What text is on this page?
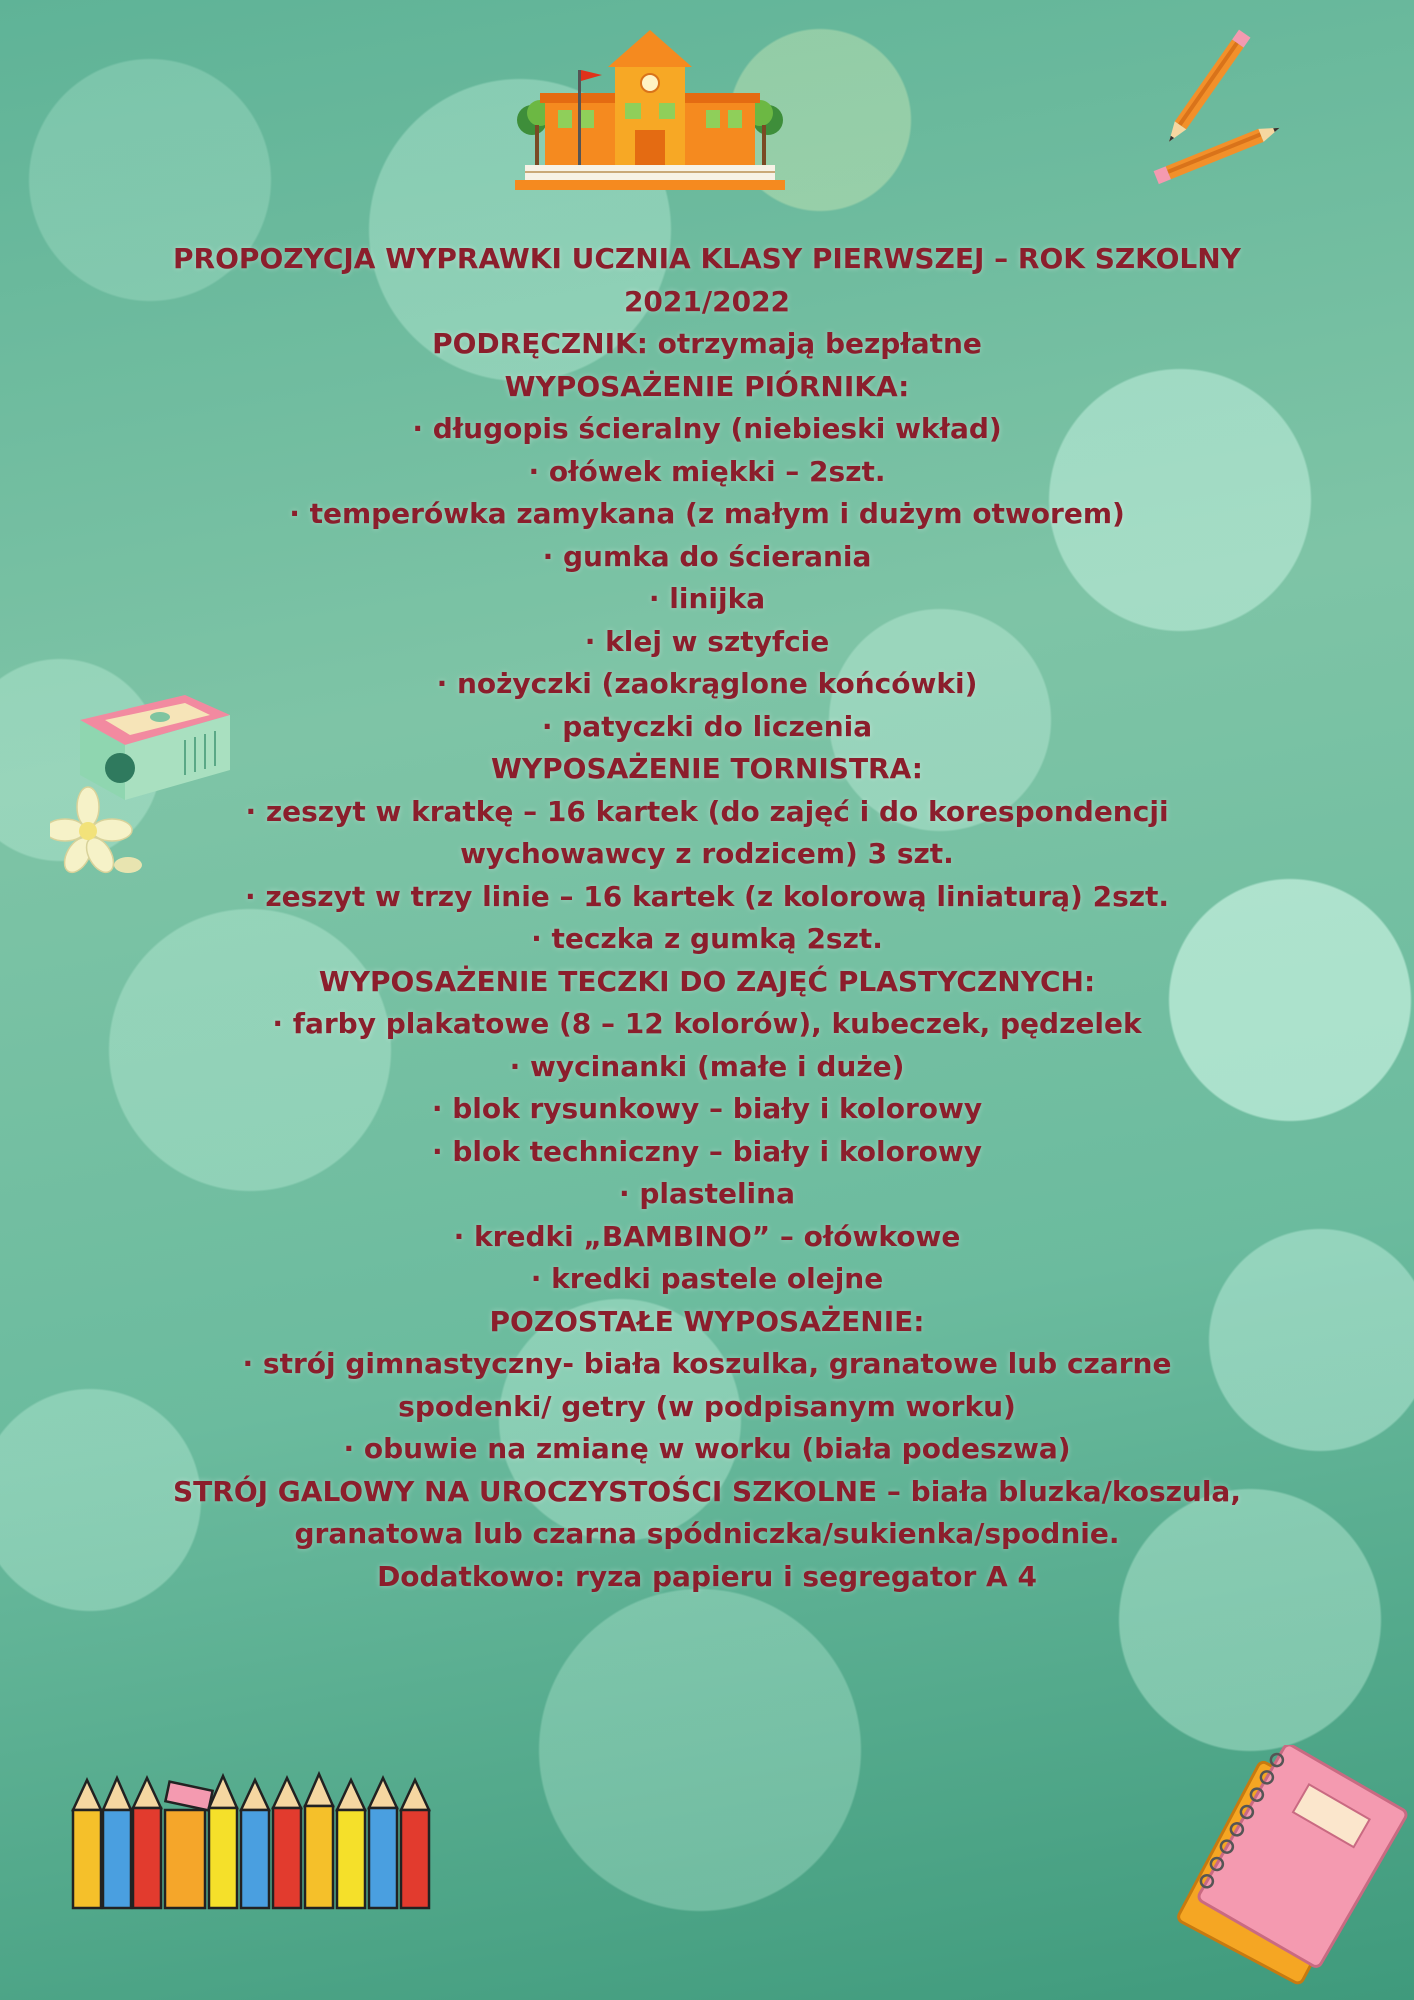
PROPOZYCJA WYPRAWKI UCZNIA KLASY PIERWSZEJ – ROK SZKOLNY
2021/2022
PODRĘCZNIK: otrzymają bezpłatne
WYPOSAŻENIE PIÓRNIKA:
· długopis ścieralny (niebieski wkład)
· ołówek miękki – 2szt.
· temperówka zamykana (z małym i dużym otworem)
· gumka do ścierania
· linijka
· klej w sztyfcie
· nożyczki (zaokrąglone końcówki)
· patyczki do liczenia
WYPOSAŻENIE TORNISTRA:
· zeszyt w kratkę – 16 kartek (do zajęć i do korespondencji
wychowawcy z rodzicem) 3 szt.
· zeszyt w trzy linie – 16 kartek (z kolorową liniaturą) 2szt.
· teczka z gumką 2szt.
WYPOSAŻENIE TECZKI DO ZAJĘĆ PLASTYCZNYCH:
· farby plakatowe (8 – 12 kolorów), kubeczek, pędzelek
· wycinanki (małe i duże)
· blok rysunkowy – biały i kolorowy
· blok techniczny – biały i kolorowy
· plastelina
· kredki „BAMBINO” – ołówkowe
· kredki pastele olejne
POZOSTAŁE WYPOSAŻENIE:
· strój gimnastyczny- biała koszulka, granatowe lub czarne
spodenki/ getry (w podpisanym worku)
· obuwie na zmianę w worku (biała podeszwa)
STRÓJ GALOWY NA UROCZYSTOŚCI SZKOLNE – biała bluzka/koszula,
granatowa lub czarna spódniczka/sukienka/spodnie.
Dodatkowo: ryza papieru i segregator A 4
